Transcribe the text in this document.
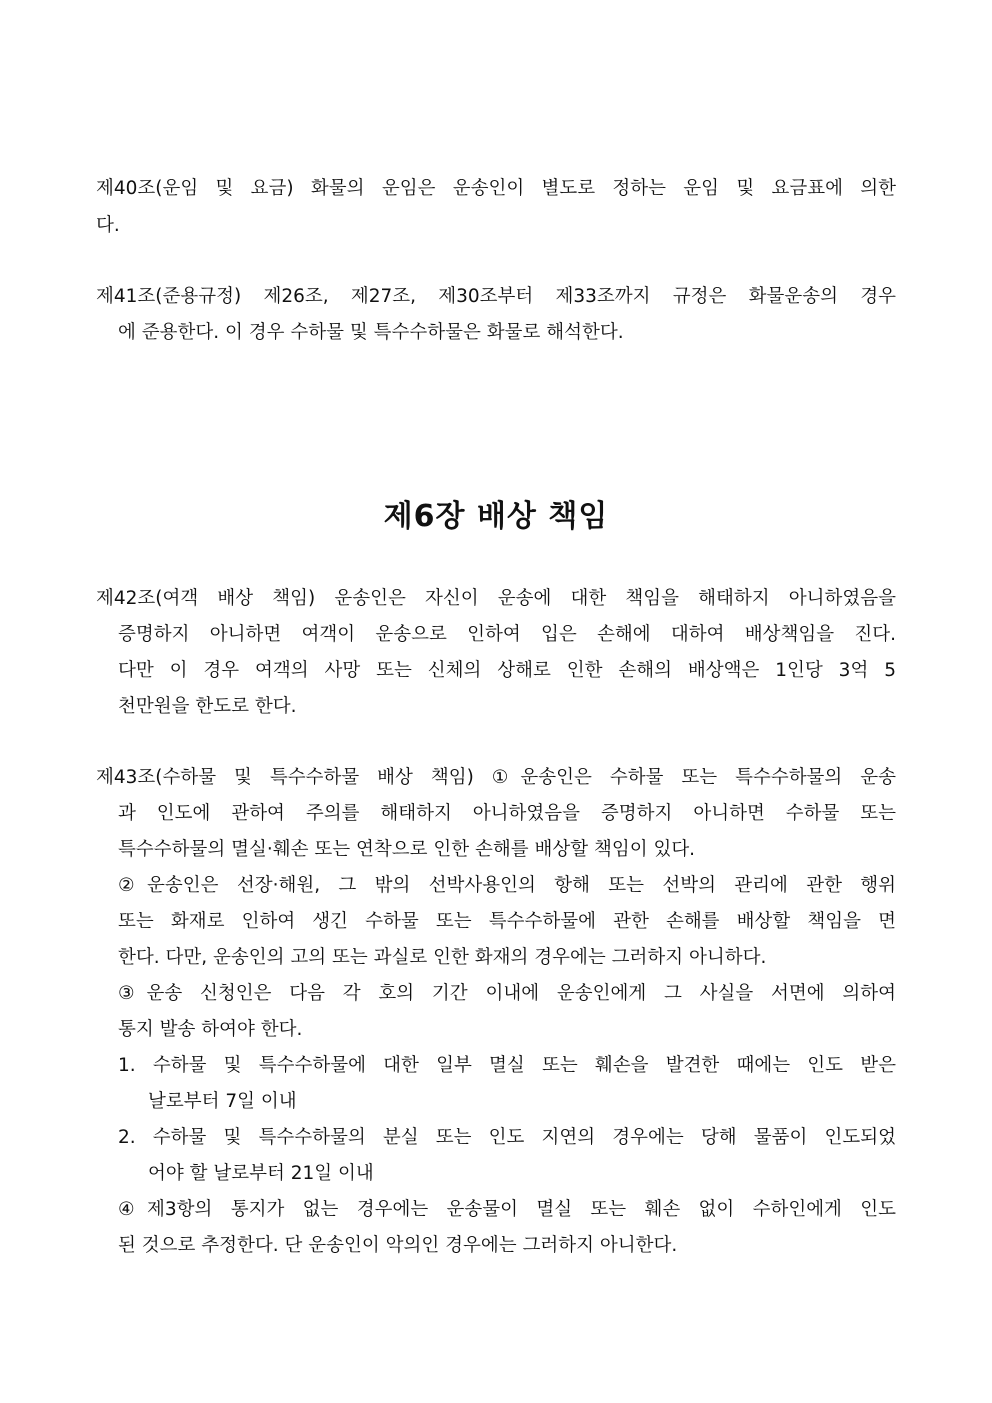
제40조(운임 및 요금) 화물의 운임은 운송인이 별도로 정하는 운임 및 요금표에 의한
다.
제41조(준용규정) 제26조, 제27조, 제30조부터 제33조까지 규정은 화물운송의 경우
에 준용한다. 이 경우 수하물 및 특수수하물은 화물로 해석한다.
제6장 배상 책임
제42조(여객 배상 책임) 운송인은 자신이 운송에 대한 책임을 해태하지 아니하였음을
증명하지 아니하면 여객이 운송으로 인하여 입은 손해에 대하여 배상책임을 진다.
다만 이 경우 여객의 사망 또는 신체의 상해로 인한 손해의 배상액은 1인당 3억 5
천만원을 한도로 한다.
제43조(수하물 및 특수수하물 배상 책임) ①운송인은 수하물 또는 특수수하물의 운송
과 인도에 관하여 주의를 해태하지 아니하였음을 증명하지 아니하면 수하물 또는
특수수하물의 멸실·훼손 또는 연착으로 인한 손해를 배상할 책임이 있다.
②운송인은 선장·해원, 그 밖의 선박사용인의 항해 또는 선박의 관리에 관한 행위
또는 화재로 인하여 생긴 수하물 또는 특수수하물에 관한 손해를 배상할 책임을 면
한다. 다만, 운송인의 고의 또는 과실로 인한 화재의 경우에는 그러하지 아니하다.
③운송 신청인은 다음 각 호의 기간 이내에 운송인에게 그 사실을 서면에 의하여
통지 발송 하여야 한다.
1. 수하물 및 특수수하물에 대한 일부 멸실 또는 훼손을 발견한 때에는 인도 받은
날로부터 7일 이내
2. 수하물 및 특수수하물의 분실 또는 인도 지연의 경우에는 당해 물품이 인도되었
어야 할 날로부터 21일 이내
④제3항의 통지가 없는 경우에는 운송물이 멸실 또는 훼손 없이 수하인에게 인도
된 것으로 추정한다. 단 운송인이 악의인 경우에는 그러하지 아니한다.
